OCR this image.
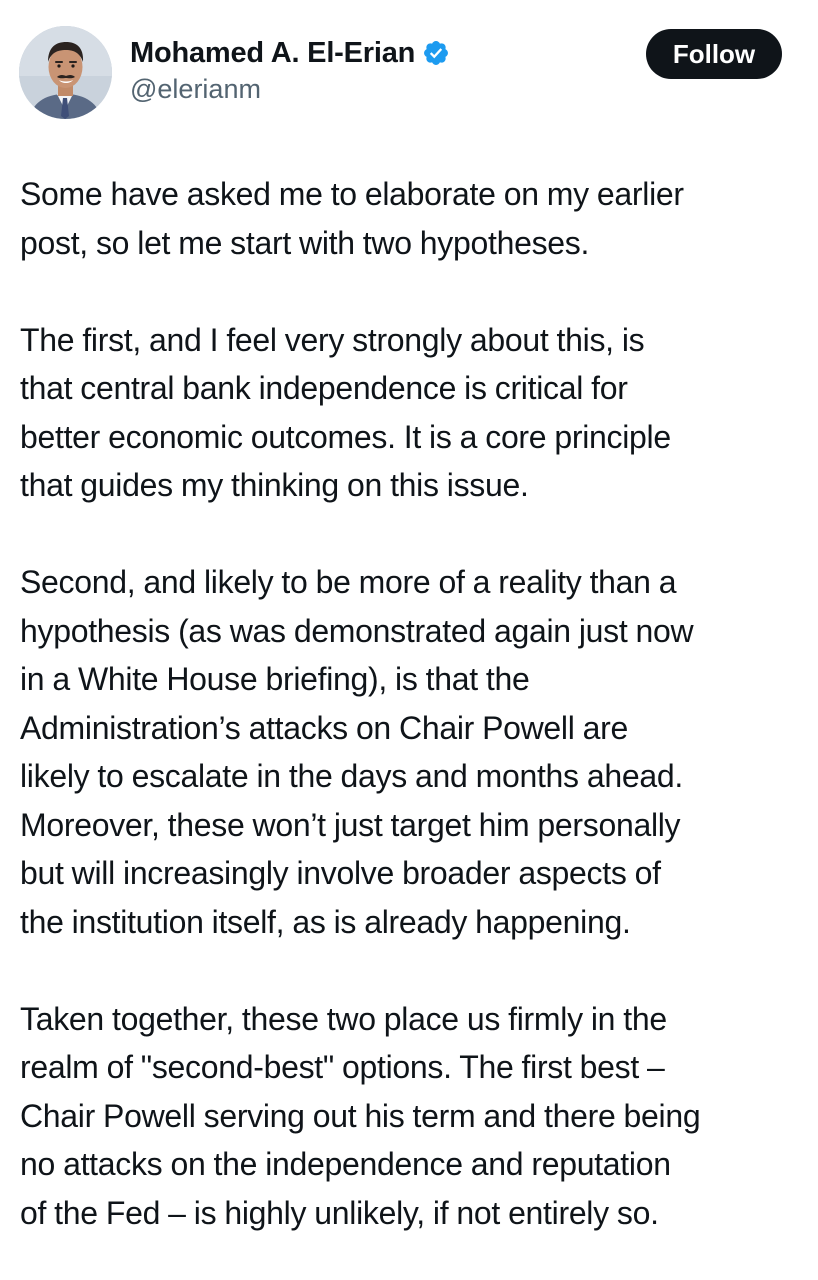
Mohamed A. El-Erian
@elerianm
Follow

Some have asked me to elaborate on my earlier
post, so let me start with two hypotheses.

The first, and I feel very strongly about this, is
that central bank independence is critical for
better economic outcomes. It is a core principle
that guides my thinking on this issue.

Second, and likely to be more of a reality than a
hypothesis (as was demonstrated again just now
in a White House briefing), is that the
Administration’s attacks on Chair Powell are
likely to escalate in the days and months ahead.
Moreover, these won’t just target him personally
but will increasingly involve broader aspects of
the institution itself, as is already happening.

Taken together, these two place us firmly in the
realm of "second-best" options. The first best –
Chair Powell serving out his term and there being
no attacks on the independence and reputation
of the Fed – is highly unlikely, if not entirely so.
